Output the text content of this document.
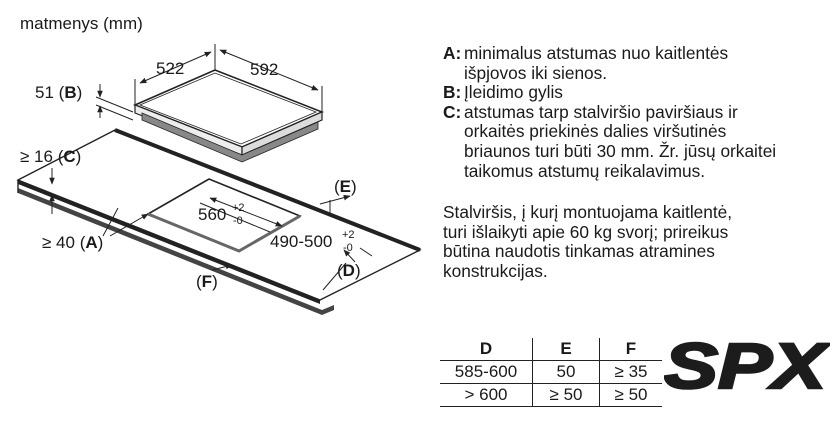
522	592
51 (B)
≥ 16 (C)
≥ 40 (A)
560 +2
-0
490-500 +2
-0
(E)
(D)
(F)
matmenys (mm)
A: minimalus atstumas nuo kaitlentės
išpjovos iki sienos.
B: Įleidimo gylis
C: atstumas tarp stalviršio paviršiaus ir
orkaitės priekinės dalies viršutinės
briaunos turi būti 30 mm. Žr. jūsų orkaitei
taikomus atstumų reikalavimus.
Stalviršis, į kurį montuojama kaitlentė,
turi išlaikyti apie 60 kg svorį; prireikus
būtina naudotis tinkamas atramines
konstrukcijas.
D	E	F
585-600	50	≥ 35
> 600	≥ 50	≥ 50 SPX
